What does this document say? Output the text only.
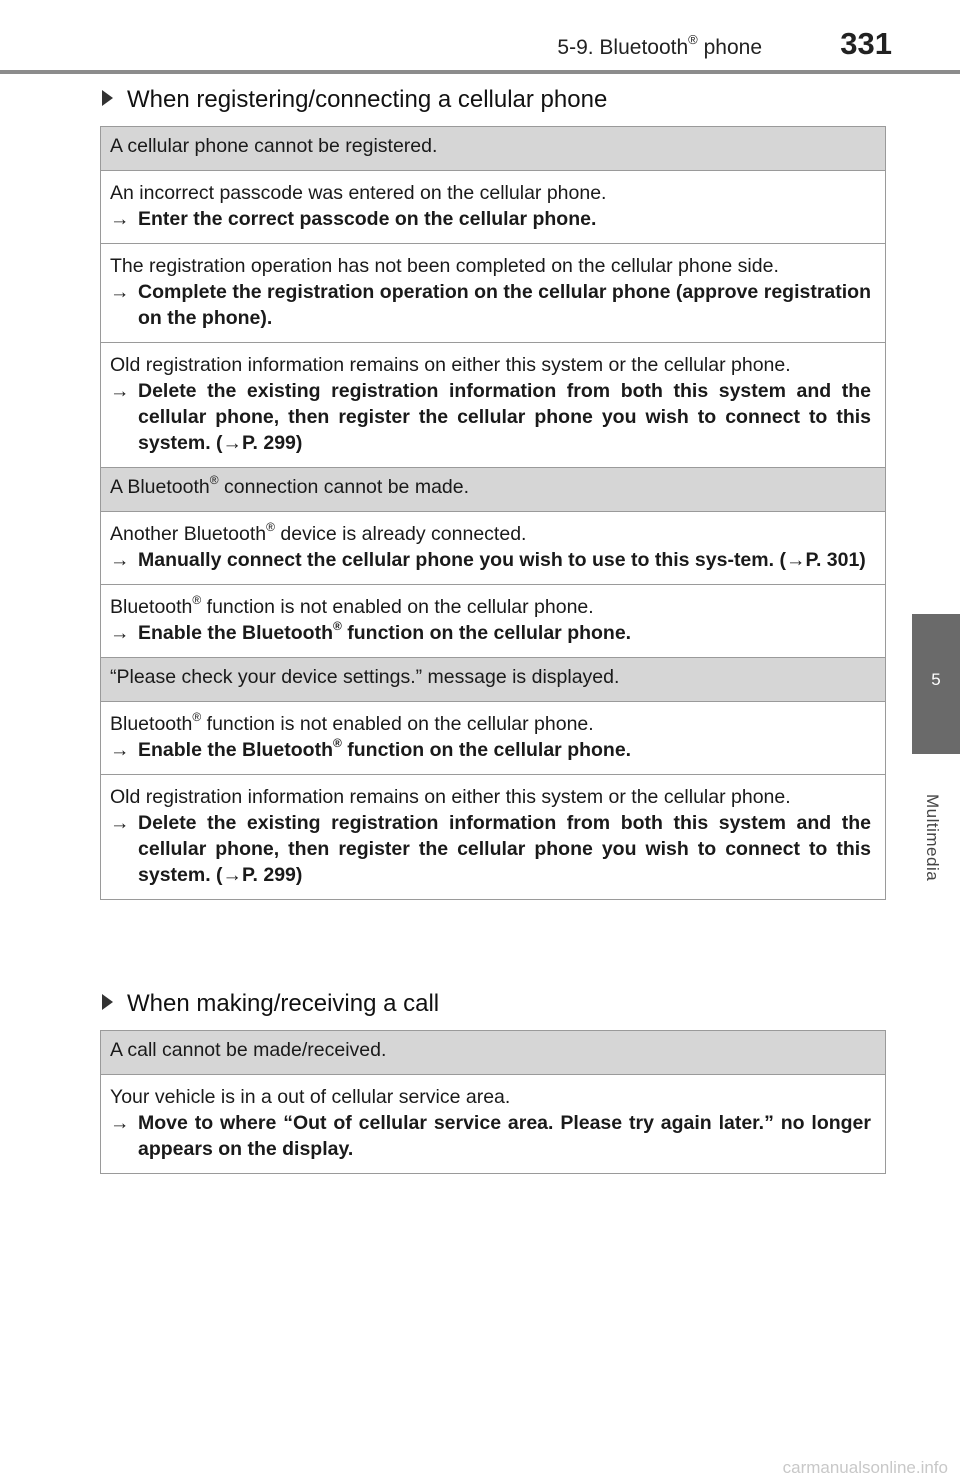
5-9. Bluetooth® phone	331
5
Multimedia
When registering/connecting a cellular phone

A cellular phone cannot be registered.

An incorrect passcode was entered on the cellular phone.

→ Enter the correct passcode on the cellular phone.

The registration operation has not been completed on the cellular phone side.

→ Complete the registration operation on the cellular phone (approve registration on the phone).

Old registration information remains on either this system or the cellular phone.

→ Delete the existing registration information from both this system and the cellular phone, then register the cellular phone you wish to connect to this system. (→P. 299)

A Bluetooth® connection cannot be made.

Another Bluetooth® device is already connected.

→ Manually connect the cellular phone you wish to use to this sys-tem. (→P. 301)

Bluetooth® function is not enabled on the cellular phone.

→ Enable the Bluetooth® function on the cellular phone.

“Please check your device settings.” message is displayed.

Bluetooth® function is not enabled on the cellular phone.

→ Enable the Bluetooth® function on the cellular phone.

Old registration information remains on either this system or the cellular phone.

→ Delete the existing registration information from both this system and the cellular phone, then register the cellular phone you wish to connect to this system. (→P. 299)
When making/receiving a call

A call cannot be made/received.

Your vehicle is in a out of cellular service area.

→ Move to where “Out of cellular service area. Please try again later.” no longer appears on the display.
carmanualsonline.info
